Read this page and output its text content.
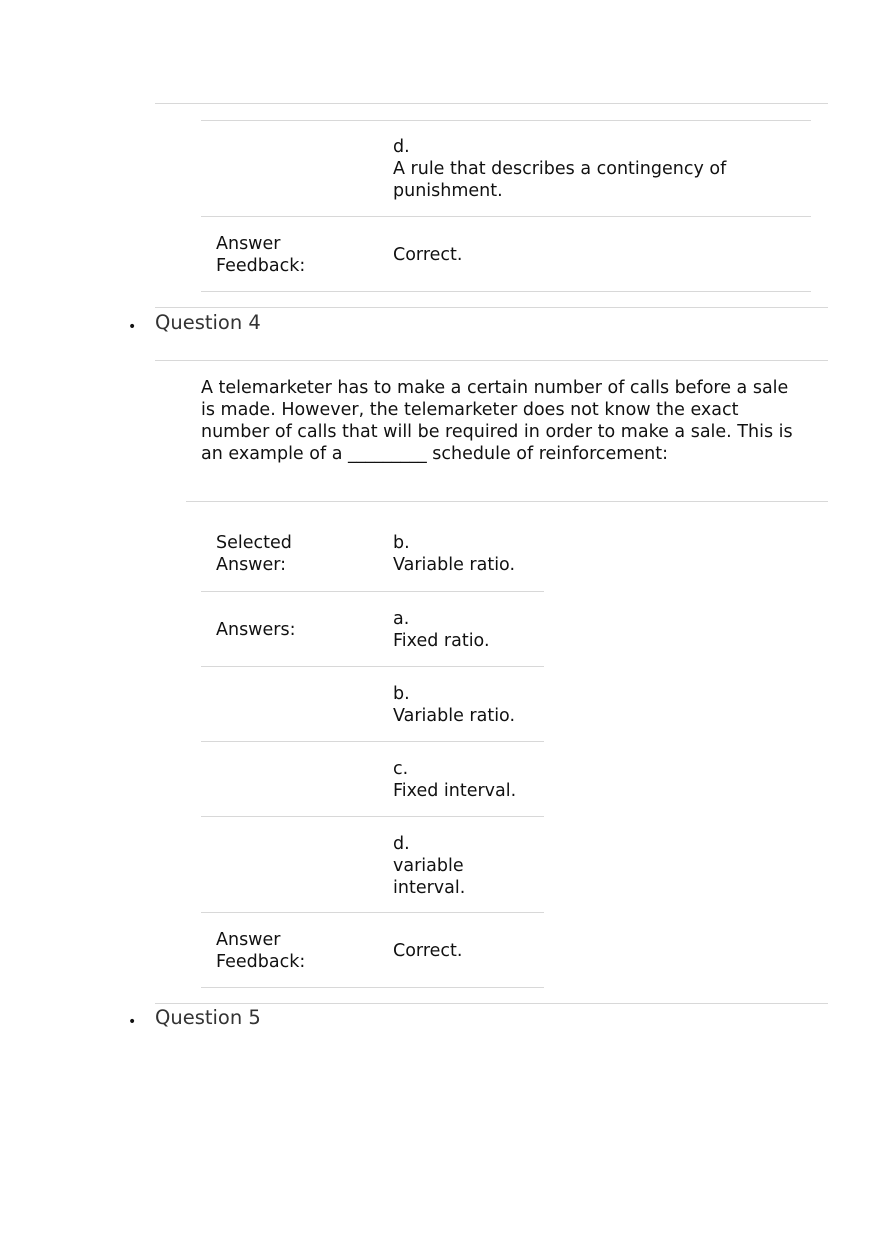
d.
A rule that describes a contingency of punishment.
Answer
Feedback:
Correct.
• Question 4
A telemarketer has to make a certain number of calls before a sale is made. However, the telemarketer does not know the exact number of calls that will be required in order to make a sale. This is an example of a _________ schedule of reinforcement:
Selected
Answer:
b.
Variable ratio.
Answers:
a.
Fixed ratio.
b.
Variable ratio.
c.
Fixed interval.
d.
variable
interval.
Answer
Feedback:
Correct.
• Question 5
